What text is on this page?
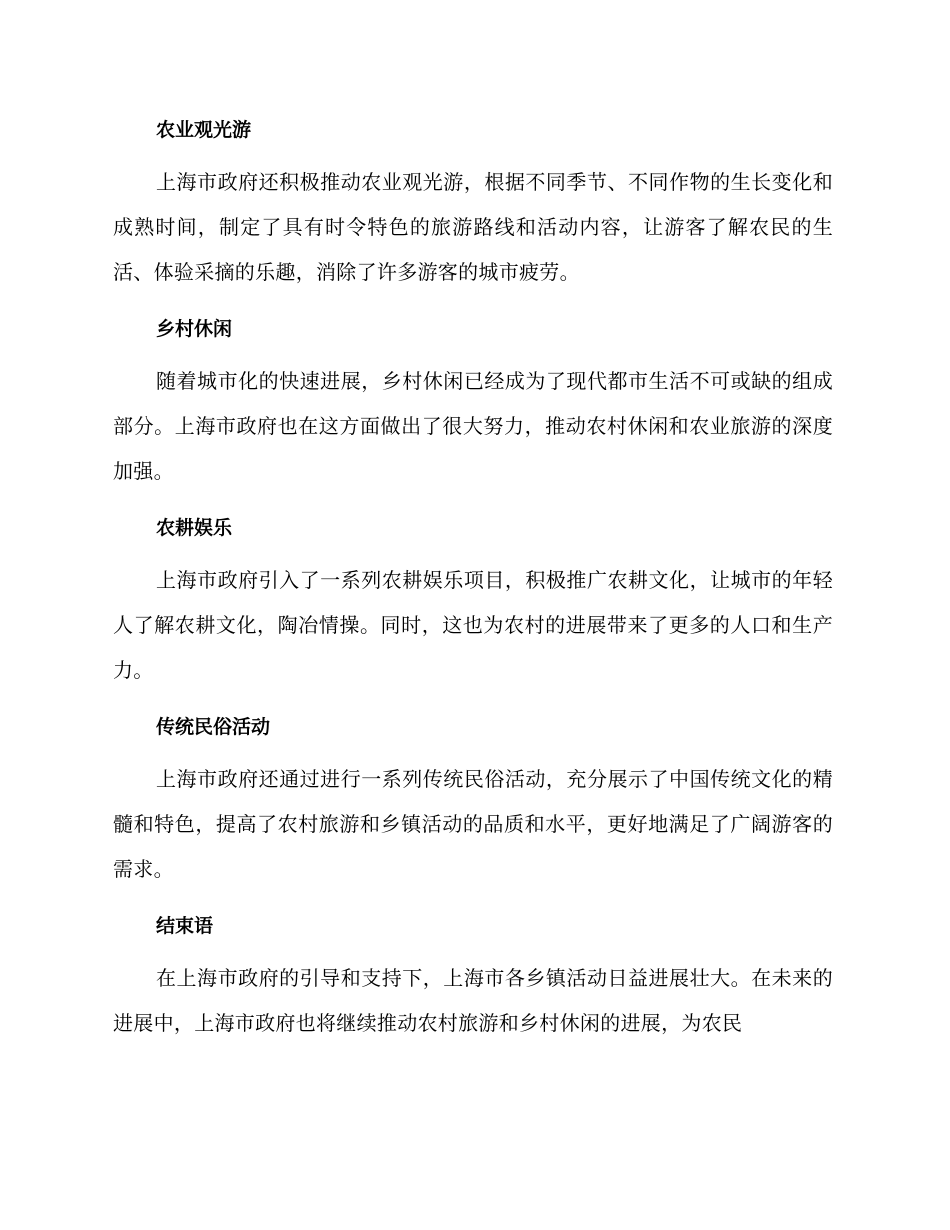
农业观光游

上海市政府还积极推动农业观光游，根据不同季节、不同作物的生长变化和成熟时间，制定了具有时令特色的旅游路线和活动内容，让游客了解农民的生活、体验采摘的乐趣，消除了许多游客的城市疲劳。

乡村休闲

随着城市化的快速进展，乡村休闲已经成为了现代都市生活不可或缺的组成部分。上海市政府也在这方面做出了很大努力，推动农村休闲和农业旅游的深度加强。

农耕娱乐

上海市政府引入了一系列农耕娱乐项目，积极推广农耕文化，让城市的年轻人了解农耕文化，陶冶情操。同时，这也为农村的进展带来了更多的人口和生产力。

传统民俗活动

上海市政府还通过进行一系列传统民俗活动，充分展示了中国传统文化的精髓和特色，提高了农村旅游和乡镇活动的品质和水平，更好地满足了广阔游客的需求。

结束语

在上海市政府的引导和支持下，上海市各乡镇活动日益进展壮大。在未来的进展中，上海市政府也将继续推动农村旅游和乡村休闲的进展，为农民
